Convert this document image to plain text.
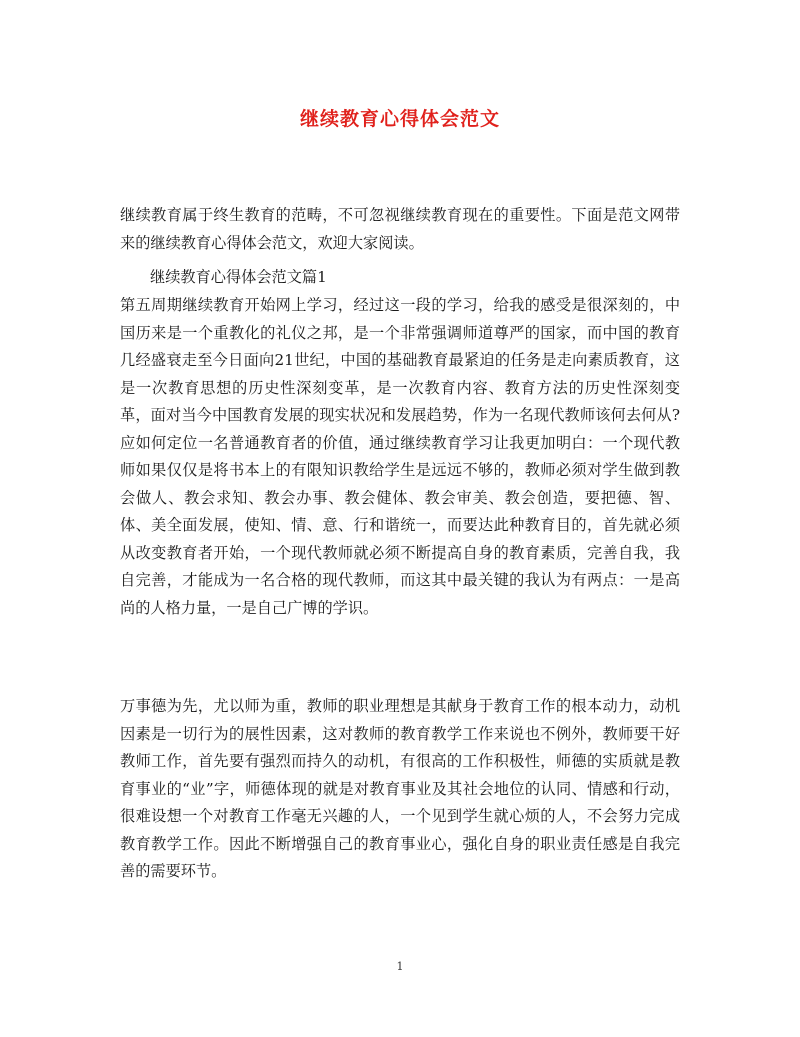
继续教育心得体会范文
继续教育属于终生教育的范畴，不可忽视继续教育现在的重要性。下面是范文网带来的继续教育心得体会范文，欢迎大家阅读。
继续教育心得体会范文篇1
第五周期继续教育开始网上学习，经过这一段的学习，给我的感受是很深刻的，中国历来是一个重教化的礼仪之邦，是一个非常强调师道尊严的国家，而中国的教育几经盛衰走至今日面向21世纪，中国的基础教育最紧迫的任务是走向素质教育，这是一次教育思想的历史性深刻变革，是一次教育内容、教育方法的历史性深刻变革，面对当今中国教育发展的现实状况和发展趋势，作为一名现代教师该何去何从?应如何定位一名普通教育者的价值，通过继续教育学习让我更加明白：一个现代教师如果仅仅是将书本上的有限知识教给学生是远远不够的，教师必须对学生做到教会做人、教会求知、教会办事、教会健体、教会审美、教会创造，要把德、智、体、美全面发展，使知、情、意、行和谐统一，而要达此种教育目的，首先就必须从改变教育者开始，一个现代教师就必须不断提高自身的教育素质，完善自我，我自完善，才能成为一名合格的现代教师，而这其中最关键的我认为有两点：一是高尚的人格力量，一是自己广博的学识。
万事德为先，尤以师为重，教师的职业理想是其献身于教育工作的根本动力，动机因素是一切行为的展性因素，这对教师的教育教学工作来说也不例外，教师要干好教师工作，首先要有强烈而持久的动机，有很高的工作积极性，师德的实质就是教育事业的“业”字，师德体现的就是对教育事业及其社会地位的认同、情感和行动，很难设想一个对教育工作毫无兴趣的人，一个见到学生就心烦的人，不会努力完成教育教学工作。因此不断增强自己的教育事业心，强化自身的职业责任感是自我完善的需要环节。
1
